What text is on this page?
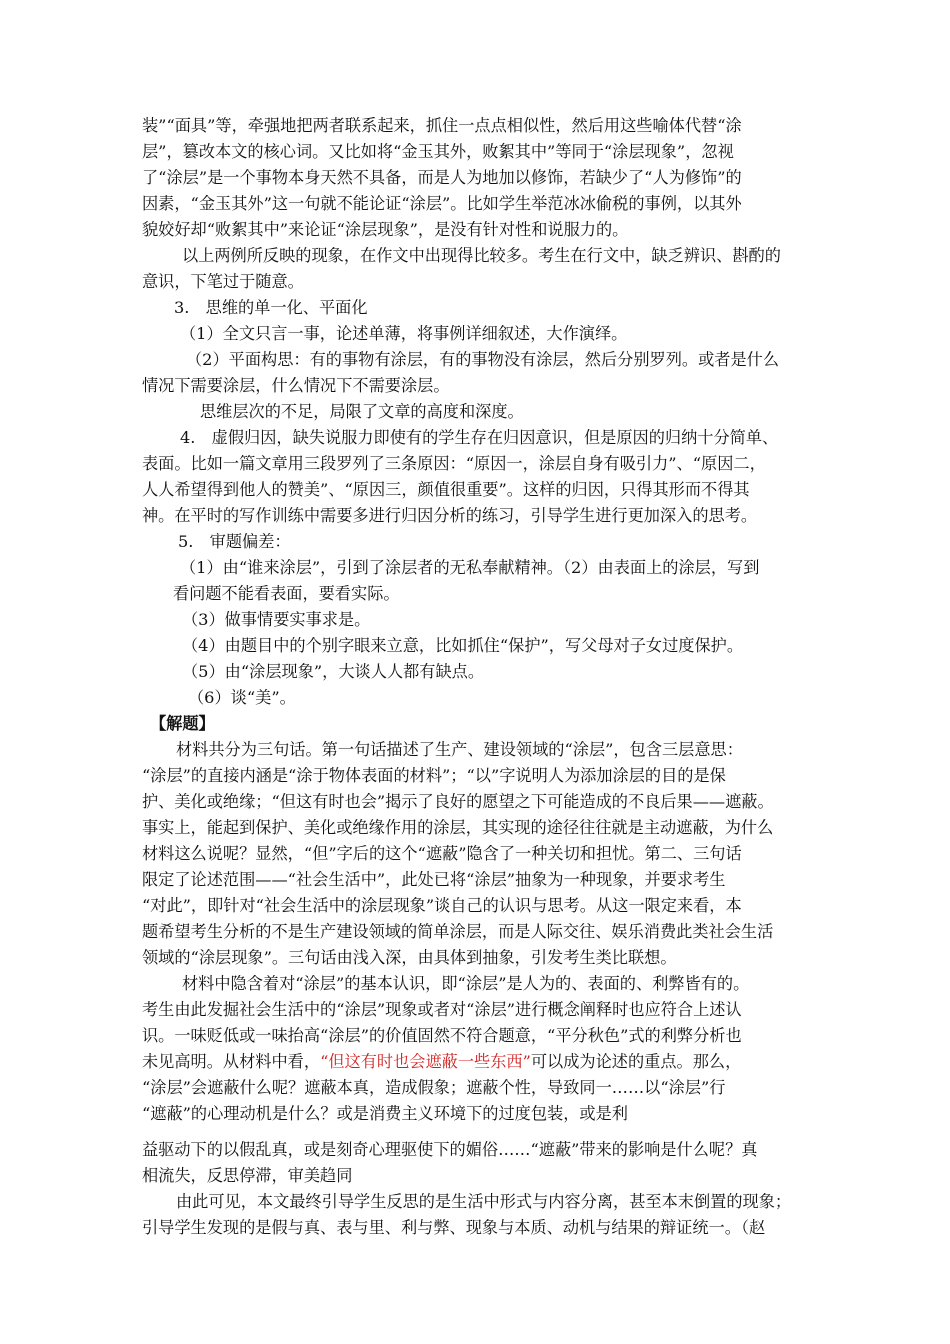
装”“面具”等，牵强地把两者联系起来，抓住一点点相似性，然后用这些喻体代替“涂
层”，篡改本文的核心词。又比如将“金玉其外，败絮其中”等同于“涂层现象”，忽视
了“涂层”是一个事物本身天然不具备，而是人为地加以修饰，若缺少了“人为修饰”的
因素，“金玉其外”这一句就不能论证“涂层”。比如学生举范冰冰偷税的事例，以其外
貌姣好却“败絮其中”来论证“涂层现象”，是没有针对性和说服力的。
以上两例所反映的现象，在作文中出现得比较多。考生在行文中，缺乏辨识、斟酌的
意识，下笔过于随意。
3.　思维的单一化、平面化
（1）全文只言一事，论述单薄，将事例详细叙述，大作演绎。
（2）平面构思：有的事物有涂层，有的事物没有涂层，然后分别罗列。或者是什么
情况下需要涂层，什么情况下不需要涂层。
思维层次的不足，局限了文章的高度和深度。
4.　虚假归因，缺失说服力即使有的学生存在归因意识，但是原因的归纳十分简单、
表面。比如一篇文章用三段罗列了三条原因：“原因一，涂层自身有吸引力”、“原因二，
人人希望得到他人的赞美”、“原因三，颜值很重要”。这样的归因，只得其形而不得其
神。在平时的写作训练中需要多进行归因分析的练习，引导学生进行更加深入的思考。
5.　审题偏差：
（1）由“谁来涂层”，引到了涂层者的无私奉献精神。（2）由表面上的涂层，写到
看问题不能看表面，要看实际。
（3）做事情要实事求是。
（4）由题目中的个别字眼来立意，比如抓住“保护”，写父母对子女过度保护。
（5）由“涂层现象”，大谈人人都有缺点。
（6）谈“美”。
【解题】
材料共分为三句话。第一句话描述了生产、建设领域的“涂层”，包含三层意思：
“涂层”的直接内涵是“涂于物体表面的材料”；“以”字说明人为添加涂层的目的是保
护、美化或绝缘；“但这有时也会”揭示了良好的愿望之下可能造成的不良后果——遮蔽。
事实上，能起到保护、美化或绝缘作用的涂层，其实现的途径往往就是主动遮蔽，为什么
材料这么说呢？显然，“但”字后的这个“遮蔽”隐含了一种关切和担忧。第二、三句话
限定了论述范围——“社会生活中”，此处已将“涂层”抽象为一种现象，并要求考生
“对此”，即针对“社会生活中的涂层现象”谈自己的认识与思考。从这一限定来看，本
题希望考生分析的不是生产建设领域的简单涂层，而是人际交往、娱乐消费此类社会生活
领域的“涂层现象”。三句话由浅入深，由具体到抽象，引发考生类比联想。
材料中隐含着对“涂层”的基本认识，即“涂层”是人为的、表面的、利弊皆有的。
考生由此发掘社会生活中的“涂层”现象或者对“涂层”进行概念阐释时也应符合上述认
识。一味贬低或一味抬高“涂层”的价值固然不符合题意，“平分秋色”式的利弊分析也
未见高明。从材料中看，“但这有时也会遮蔽一些东西”可以成为论述的重点。那么，
“涂层”会遮蔽什么呢？遮蔽本真，造成假象；遮蔽个性，导致同一……以“涂层”行
“遮蔽”的心理动机是什么？或是消费主义环境下的过度包装，或是利
益驱动下的以假乱真，或是刻奇心理驱使下的媚俗……“遮蔽”带来的影响是什么呢？真
相流失，反思停滞，审美趋同
由此可见，本文最终引导学生反思的是生活中形式与内容分离，甚至本末倒置的现象；
引导学生发现的是假与真、表与里、利与弊、现象与本质、动机与结果的辩证统一。（赵
